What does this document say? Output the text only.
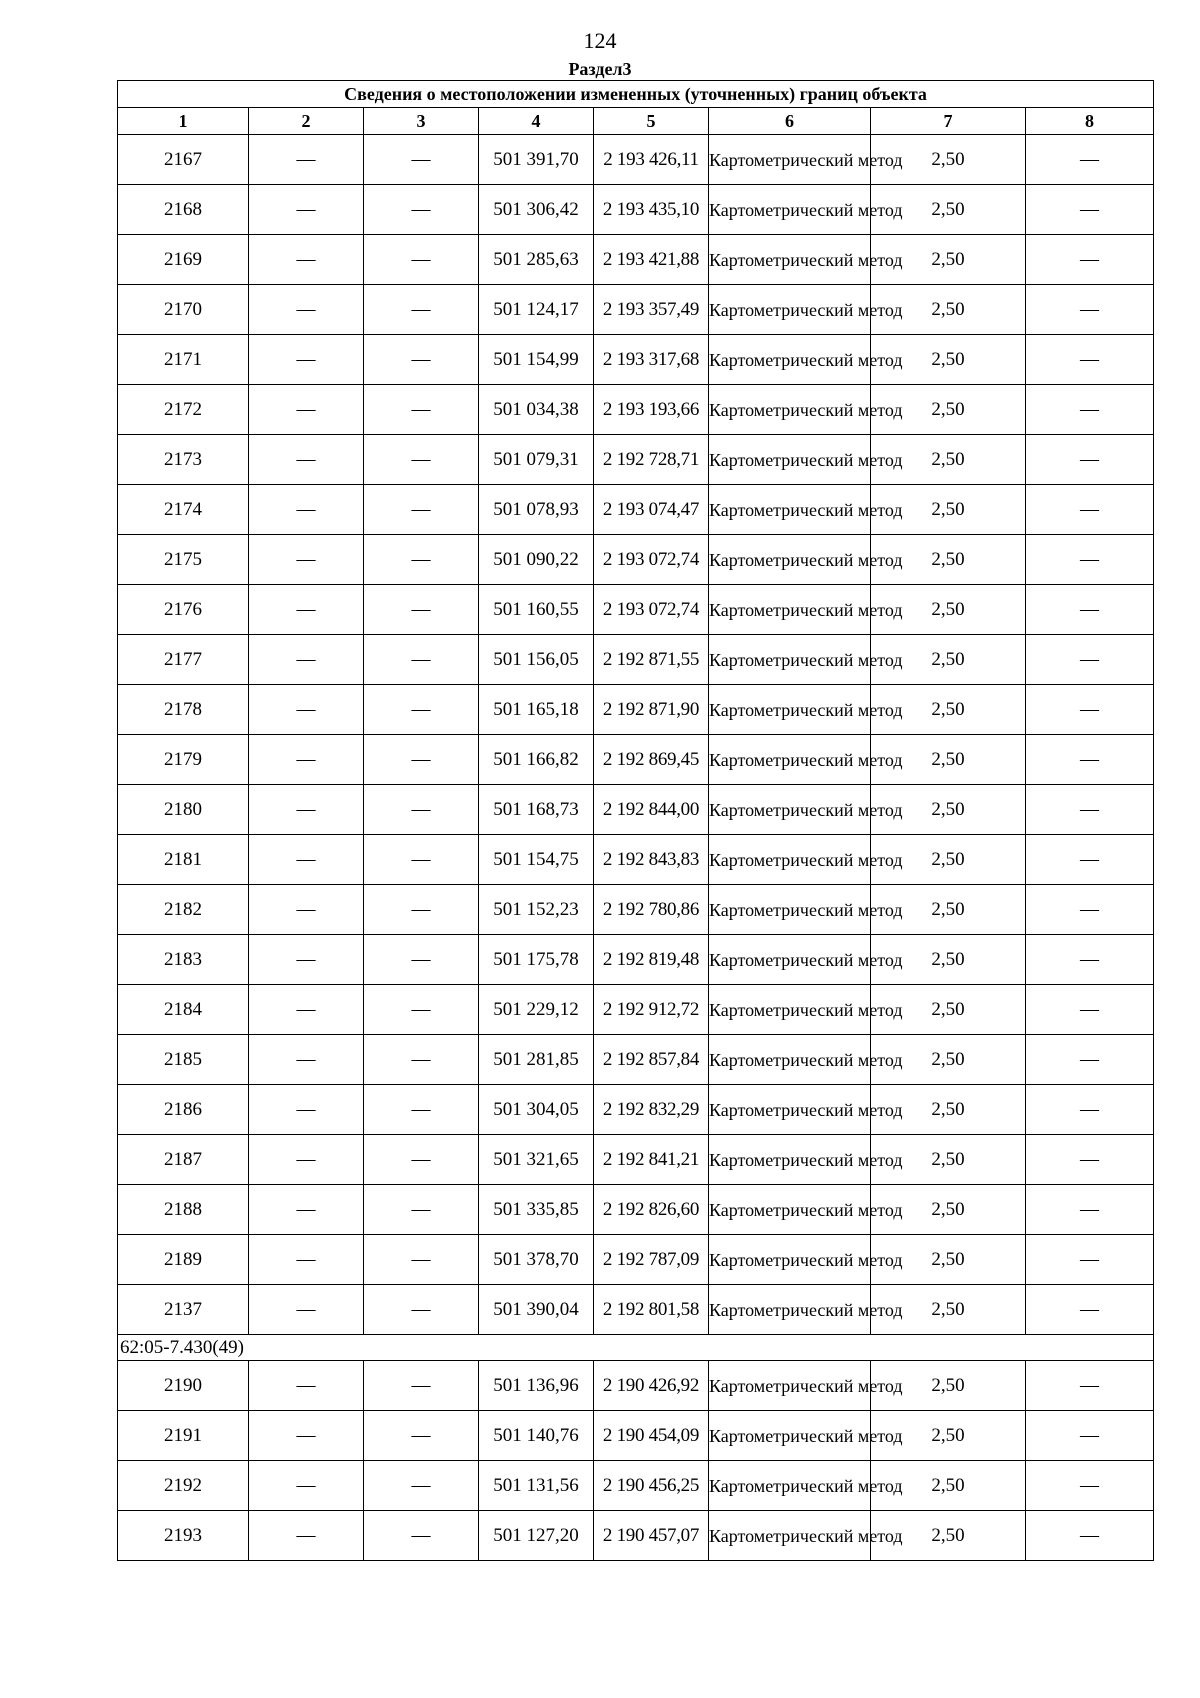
124
Раздел3
Сведения о местоположении измененных (уточненных) границ объекта							
1	2	3	4	5	6	7	8
2167	—	—	501 391,70	2 193 426,11	Картометрический метод	2,50	—
2168	—	—	501 306,42	2 193 435,10	Картометрический метод	2,50	—
2169	—	—	501 285,63	2 193 421,88	Картометрический метод	2,50	—
2170	—	—	501 124,17	2 193 357,49	Картометрический метод	2,50	—
2171	—	—	501 154,99	2 193 317,68	Картометрический метод	2,50	—
2172	—	—	501 034,38	2 193 193,66	Картометрический метод	2,50	—
2173	—	—	501 079,31	2 192 728,71	Картометрический метод	2,50	—
2174	—	—	501 078,93	2 193 074,47	Картометрический метод	2,50	—
2175	—	—	501 090,22	2 193 072,74	Картометрический метод	2,50	—
2176	—	—	501 160,55	2 193 072,74	Картометрический метод	2,50	—
2177	—	—	501 156,05	2 192 871,55	Картометрический метод	2,50	—
2178	—	—	501 165,18	2 192 871,90	Картометрический метод	2,50	—
2179	—	—	501 166,82	2 192 869,45	Картометрический метод	2,50	—
2180	—	—	501 168,73	2 192 844,00	Картометрический метод	2,50	—
2181	—	—	501 154,75	2 192 843,83	Картометрический метод	2,50	—
2182	—	—	501 152,23	2 192 780,86	Картометрический метод	2,50	—
2183	—	—	501 175,78	2 192 819,48	Картометрический метод	2,50	—
2184	—	—	501 229,12	2 192 912,72	Картометрический метод	2,50	—
2185	—	—	501 281,85	2 192 857,84	Картометрический метод	2,50	—
2186	—	—	501 304,05	2 192 832,29	Картометрический метод	2,50	—
2187	—	—	501 321,65	2 192 841,21	Картометрический метод	2,50	—
2188	—	—	501 335,85	2 192 826,60	Картометрический метод	2,50	—
2189	—	—	501 378,70	2 192 787,09	Картометрический метод	2,50	—
2137	—	—	501 390,04	2 192 801,58	Картометрический метод	2,50	—
62:05-7.430(49)							
2190	—	—	501 136,96	2 190 426,92	Картометрический метод	2,50	—
2191	—	—	501 140,76	2 190 454,09	Картометрический метод	2,50	—
2192	—	—	501 131,56	2 190 456,25	Картометрический метод	2,50	—
2193	—	—	501 127,20	2 190 457,07	Картометрический метод	2,50	—
